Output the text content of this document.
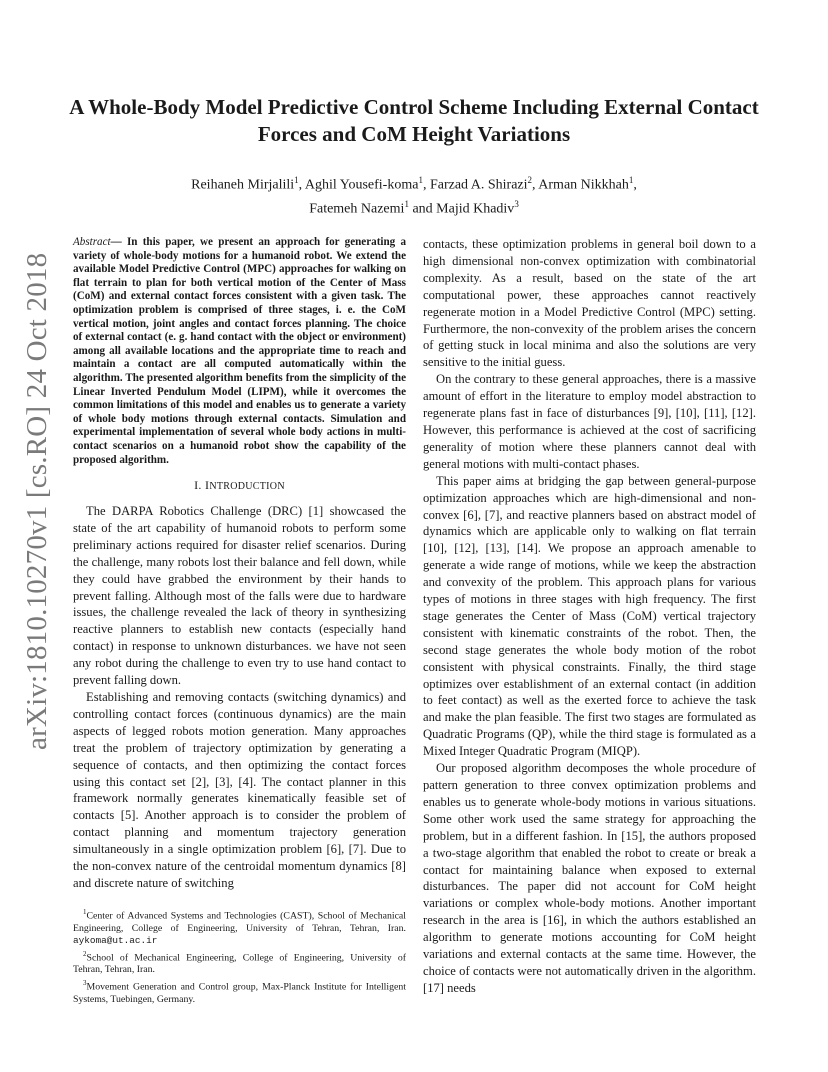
A Whole-Body Model Predictive Control Scheme Including External Contact Forces and CoM Height Variations
Reihaneh Mirjalili$^1$, Aghil Yousefi-koma$^1$, Farzad A. Shirazi$^2$, Arman Nikkhah$^1$,
Fatemeh Nazemi$^1$ and Majid Khadiv$^3$
arXiv:1810.10270v1 [cs.RO] 24 Oct 2018

Abstract— In this paper, we present an approach for generating a variety of whole-body motions for a humanoid robot. We extend the available Model Predictive Control (MPC) approaches for walking on flat terrain to plan for both vertical motion of the Center of Mass (CoM) and external contact forces consistent with a given task. The optimization problem is comprised of three stages, i. e. the CoM vertical motion, joint angles and contact forces planning. The choice of external contact (e. g. hand contact with the object or environment) among all available locations and the appropriate time to reach and maintain a contact are all computed automatically within the algorithm. The presented algorithm benefits from the simplicity of the Linear Inverted Pendulum Model (LIPM), while it overcomes the common limitations of this model and enables us to generate a variety of whole body motions through external contacts. Simulation and experimental implementation of several whole body actions in multi-contact scenarios on a humanoid robot show the capability of the proposed algorithm.

I. INTRODUCTION

The DARPA Robotics Challenge (DRC) [1] showcased the state of the art capability of humanoid robots to perform some preliminary actions required for disaster relief scenarios. During the challenge, many robots lost their balance and fell down, while they could have grabbed the environment by their hands to prevent falling. Although most of the falls were due to hardware issues, the challenge revealed the lack of theory in synthesizing reactive planners to establish new contacts (especially hand contact) in response to unknown disturbances. we have not seen any robot during the challenge to even try to use hand contact to prevent falling down.

Establishing and removing contacts (switching dynamics) and controlling contact forces (continuous dynamics) are the main aspects of legged robots motion generation. Many approaches treat the problem of trajectory optimization by generating a sequence of contacts, and then optimizing the contact forces using this contact set [2], [3], [4]. The contact planner in this framework normally generates kinematically feasible set of contacts [5]. Another approach is to consider the problem of contact planning and momentum trajectory generation simultaneously in a single optimization problem [6], [7]. Due to the non-convex nature of the centroidal momentum dynamics [8] and discrete nature of switching

contacts, these optimization problems in general boil down to a high dimensional non-convex optimization with combinatorial complexity. As a result, based on the state of the art computational power, these approaches cannot reactively regenerate motion in a Model Predictive Control (MPC) setting. Furthermore, the non-convexity of the problem arises the concern of getting stuck in local minima and also the solutions are very sensitive to the initial guess.

On the contrary to these general approaches, there is a massive amount of effort in the literature to employ model abstraction to regenerate plans fast in face of disturbances [9], [10], [11], [12]. However, this performance is achieved at the cost of sacrificing generality of motion where these planners cannot deal with general motions with multi-contact phases.

This paper aims at bridging the gap between general-purpose optimization approaches which are high-dimensional and non-convex [6], [7], and reactive planners based on abstract model of dynamics which are applicable only to walking on flat terrain [10], [12], [13], [14]. We propose an approach amenable to generate a wide range of motions, while we keep the abstraction and convexity of the problem. This approach plans for various types of motions in three stages with high frequency. The first stage generates the Center of Mass (CoM) vertical trajectory consistent with kinematic constraints of the robot. Then, the second stage generates the whole body motion of the robot consistent with physical constraints. Finally, the third stage optimizes over establishment of an external contact (in addition to feet contact) as well as the exerted force to achieve the task and make the plan feasible. The first two stages are formulated as Quadratic Programs (QP), while the third stage is formulated as a Mixed Integer Quadratic Program (MIQP).

Our proposed algorithm decomposes the whole procedure of pattern generation to three convex optimization problems and enables us to generate whole-body motions in various situations. Some other work used the same strategy for approaching the problem, but in a different fashion. In [15], the authors proposed a two-stage algorithm that enabled the robot to create or break a contact for maintaining balance when exposed to external disturbances. The paper did not account for CoM height variations or complex whole-body motions. Another important research in the area is [16], in which the authors established an algorithm to generate motions accounting for CoM height variations and external contacts at the same time. However, the choice of contacts were not automatically driven in the algorithm. [17] needs

$^1$Center of Advanced Systems and Technologies (CAST), School of Mechanical Engineering, College of Engineering, University of Tehran, Tehran, Iran. aykoma@ut.ac.ir

$^2$School of Mechanical Engineering, College of Engineering, University of Tehran, Tehran, Iran.

$^3$Movement Generation and Control group, Max-Planck Institute for Intelligent Systems, Tuebingen, Germany.
